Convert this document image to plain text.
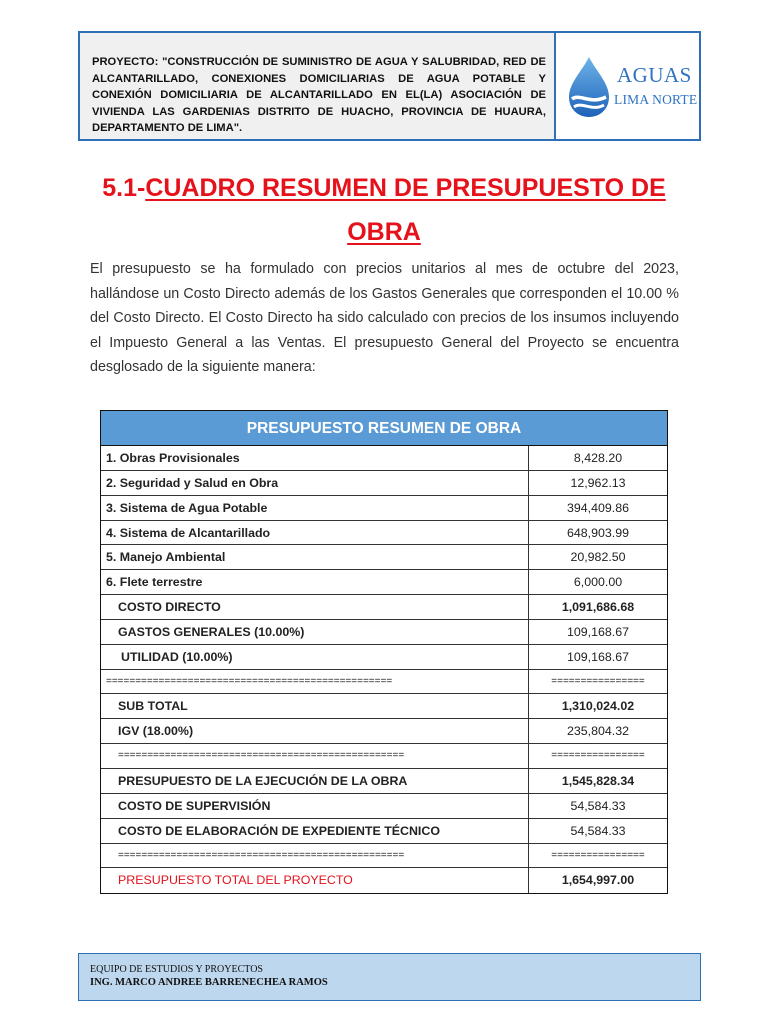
PROYECTO: "CONSTRUCCIÓN DE SUMINISTRO DE AGUA Y SALUBRIDAD, RED DE ALCANTARILLADO, CONEXIONES DOMICILIARIAS DE AGUA POTABLE Y CONEXIÓN DOMICILIARIA DE ALCANTARILLADO EN EL(LA) ASOCIACIÓN DE VIVIENDA LAS GARDENIAS DISTRITO DE HUACHO, PROVINCIA DE HUAURA, DEPARTAMENTO DE LIMA".
AGUAS
LIMA NORTE
5.1-CUADRO RESUMEN DE PRESUPUESTO DE
OBRA
El presupuesto se ha formulado con precios unitarios al mes de octubre del 2023, hallándose un Costo Directo además de los Gastos Generales que corresponden el 10.00 % del Costo Directo. El Costo Directo ha sido calculado con precios de los insumos incluyendo el Impuesto General a las Ventas. El presupuesto General del Proyecto se encuentra desglosado de la siguiente manera:
PRESUPUESTO RESUMEN DE OBRA
1. Obras Provisionales	8,428.20
2. Seguridad y Salud en Obra	12,962.13
3. Sistema de Agua Potable	394,409.86
4. Sistema de Alcantarillado	648,903.99
5. Manejo Ambiental	20,982.50
6. Flete terrestre	6,000.00
COSTO DIRECTO	1,091,686.68
GASTOS GENERALES (10.00%)	109,168.67
UTILIDAD (10.00%)	109,168.67
=================================================	================
SUB TOTAL	1,310,024.02
IGV (18.00%)	235,804.32
=================================================	================
PRESUPUESTO DE LA EJECUCIÓN DE LA OBRA	1,545,828.34
COSTO DE SUPERVISIÓN	54,584.33
COSTO DE ELABORACIÓN DE EXPEDIENTE TÉCNICO	54,584.33
=================================================	================
PRESUPUESTO TOTAL DEL PROYECTO	1,654,997.00
EQUIPO DE ESTUDIOS Y PROYECTOS
ING. MARCO ANDREE BARRENECHEA RAMOS
